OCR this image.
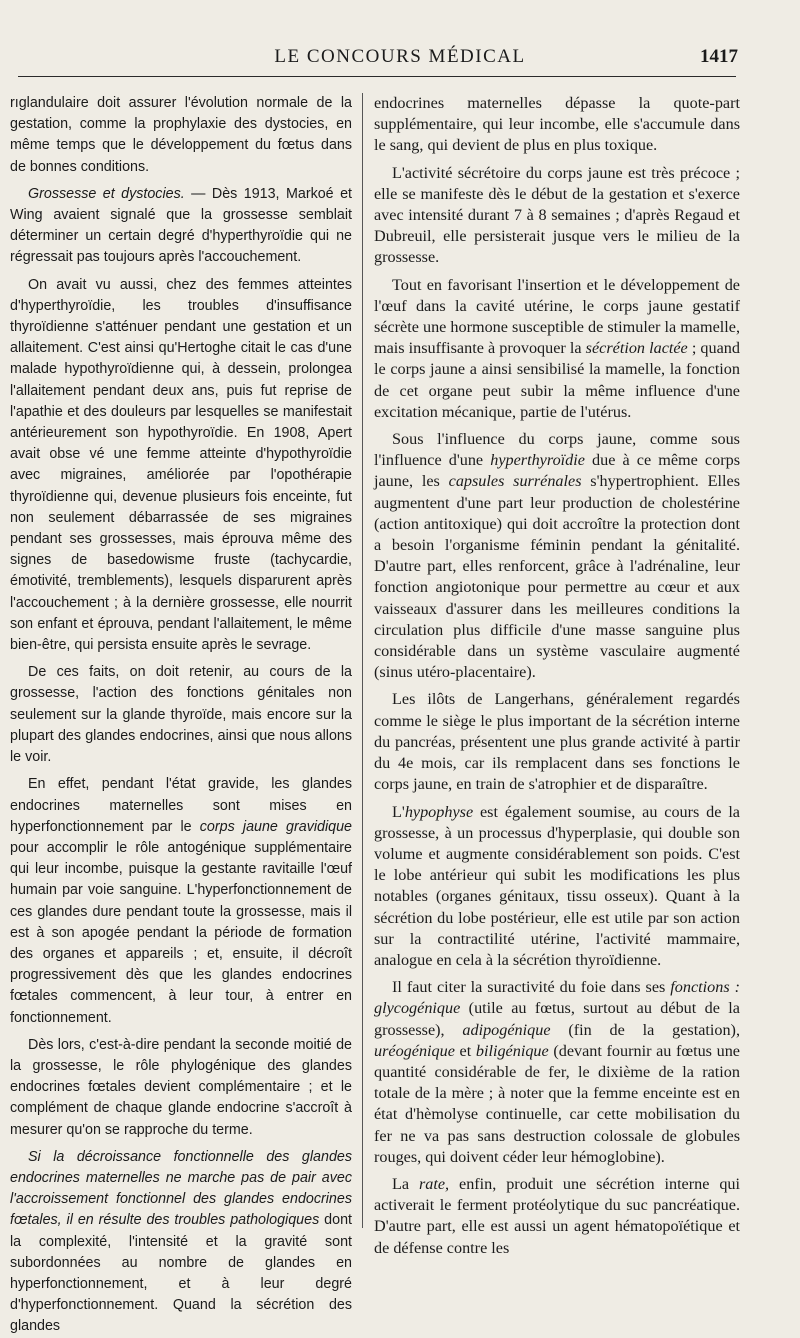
LE CONCOURS MÉDICAL	1417

rıglandulaire doit assurer l'évolution normale de la gestation, comme la prophylaxie des dystocies, en même temps que le développement du fœtus dans de bonnes conditions.

Grossesse et dystocies. — Dès 1913, Markoé et Wing avaient signalé que la grossesse semblait déterminer un certain degré d'hyperthyroïdie qui ne régressait pas toujours après l'accouchement.

On avait vu aussi, chez des femmes atteintes d'hyperthyroïdie, les troubles d'insuffisance thyroïdienne s'atténuer pendant une gestation et un allaitement. C'est ainsi qu'Hertoghe citait le cas d'une malade hypothyroïdienne qui, à dessein, prolongea l'allaitement pendant deux ans, puis fut reprise de l'apathie et des douleurs par lesquelles se manifestait antérieurement son hypothyroïdie. En 1908, Apert avait obse vé une femme atteinte d'hypothyroïdie avec migraines, améliorée par l'opothérapie thyroïdienne qui, devenue plusieurs fois enceinte, fut non seulement débarrassée de ses migraines pendant ses grossesses, mais éprouva même des signes de basedowisme fruste (tachycardie, émotivité, tremblements), lesquels disparurent après l'accouchement ; à la dernière grossesse, elle nourrit son enfant et éprouva, pendant l'allaitement, le même bien-être, qui persista ensuite après le sevrage.

De ces faits, on doit retenir, au cours de la grossesse, l'action des fonctions génitales non seulement sur la glande thyroïde, mais encore sur la plupart des glandes endocrines, ainsi que nous allons le voir.

En effet, pendant l'état gravide, les glandes endocrines maternelles sont mises en hyperfonctionnement par le corps jaune gravidique pour accomplir le rôle antogénique supplémentaire qui leur incombe, puisque la gestante ravitaille l'œuf humain par voie sanguine. L'hyperfonctionnement de ces glandes dure pendant toute la grossesse, mais il est à son apogée pendant la période de formation des organes et appareils ; et, ensuite, il décroît progressivement dès que les glandes endocrines fœtales commencent, à leur tour, à entrer en fonctionnement.

Dès lors, c'est-à-dire pendant la seconde moitié de la grossesse, le rôle phylogénique des glandes endocrines fœtales devient complémentaire ; et le complément de chaque glande endocrine s'accroît à mesurer qu'on se rapproche du terme.

Si la décroissance fonctionnelle des glandes endocrines maternelles ne marche pas de pair avec l'accroissement fonctionnel des glandes endocrines fœtales, il en résulte des troubles pathologiques dont la complexité, l'intensité et la gravité sont subordonnées au nombre de glandes en hyperfonctionnement, et à leur degré d'hyperfonctionnement. Quand la sécrétion des glandes

endocrines maternelles dépasse la quote-part supplémentaire, qui leur incombe, elle s'accumule dans le sang, qui devient de plus en plus toxique.

L'activité sécrétoire du corps jaune est très précoce ; elle se manifeste dès le début de la gestation et s'exerce avec intensité durant 7 à 8 semaines ; d'après Regaud et Dubreuil, elle persisterait jusque vers le milieu de la grossesse.

Tout en favorisant l'insertion et le développement de l'œuf dans la cavité utérine, le corps jaune gestatif sécrète une hormone susceptible de stimuler la mamelle, mais insuffisante à provoquer la sécrétion lactée ; quand le corps jaune a ainsi sensibilisé la mamelle, la fonction de cet organe peut subir la même influence d'une excitation mécanique, partie de l'utérus.

Sous l'influence du corps jaune, comme sous l'influence d'une hyperthyroïdie due à ce même corps jaune, les capsules surrénales s'hypertrophient. Elles augmentent d'une part leur production de cholestérine (action antitoxique) qui doit accroître la protection dont a besoin l'organisme féminin pendant la génitalité. D'autre part, elles renforcent, grâce à l'adrénaline, leur fonction angiotonique pour permettre au cœur et aux vaisseaux d'assurer dans les meilleures conditions la circulation plus difficile d'une masse sanguine plus considérable dans un système vasculaire augmenté (sinus utéro-placentaire).

Les ilôts de Langerhans, généralement regardés comme le siège le plus important de la sécrétion interne du pancréas, présentent une plus grande activité à partir du 4e mois, car ils remplacent dans ses fonctions le corps jaune, en train de s'atrophier et de disparaître.

L'hypophyse est également soumise, au cours de la grossesse, à un processus d'hyperplasie, qui double son volume et augmente considérablement son poids. C'est le lobe antérieur qui subit les modifications les plus notables (organes génitaux, tissu osseux). Quant à la sécrétion du lobe postérieur, elle est utile par son action sur la contractilité utérine, l'activité mammaire, analogue en cela à la sécrétion thyroïdienne.

Il faut citer la suractivité du foie dans ses fonctions : glycogénique (utile au fœtus, surtout au début de la grossesse), adipogénique (fin de la gestation), uréogénique et biligénique (devant fournir au fœtus une quantité considérable de fer, le dixième de la ration totale de la mère ; à noter que la femme enceinte est en état d'hèmolyse continuelle, car cette mobilisation du fer ne va pas sans destruction colossale de globules rouges, qui doivent céder leur hémoglobine).

La rate, enfin, produit une sécrétion interne qui activerait le ferment protéolytique du suc pancréatique. D'autre part, elle est aussi un agent hématopoïétique et de défense contre les
